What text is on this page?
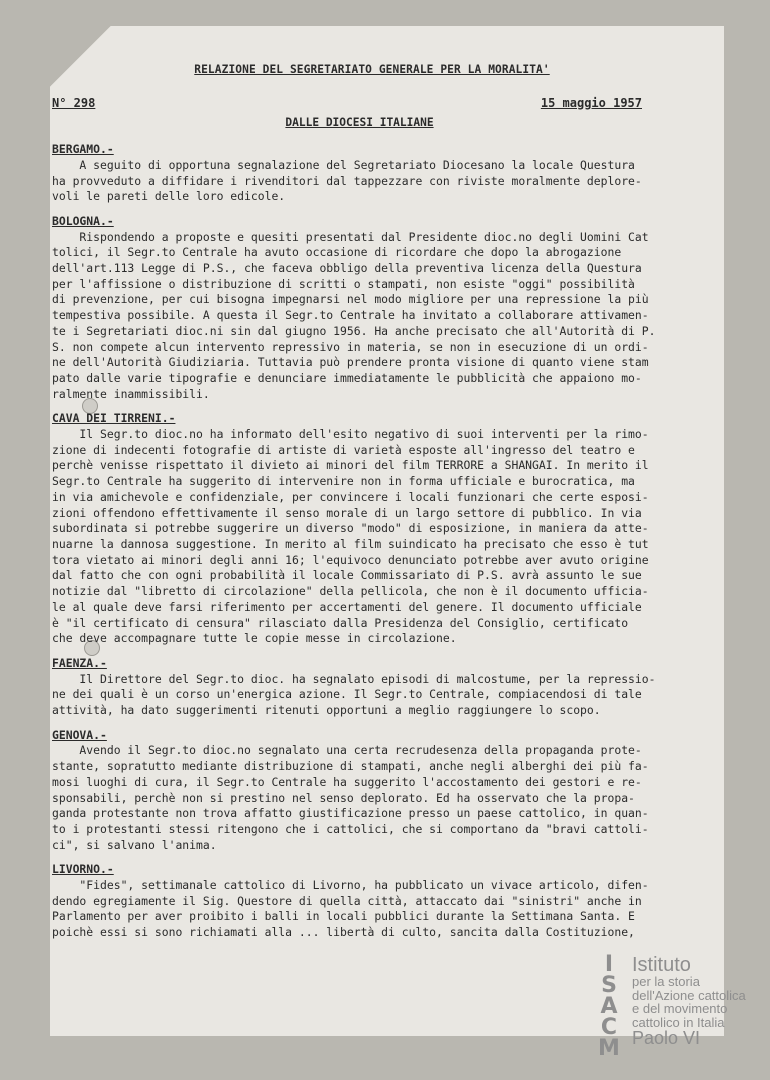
RELAZIONE DEL SEGRETARIATO GENERALE PER LA MORALITA'
N° 298	15 maggio 1957
DALLE DIOCESI ITALIANE
BERGAMO.-
A seguito di opportuna segnalazione del Segretariato Diocesano la locale Questura
ha provveduto a diffidare i rivenditori dal tappezzare con riviste moralmente deplore-
voli le pareti delle loro edicole.
BOLOGNA.-
Rispondendo a proposte e quesiti presentati dal Presidente dioc.no degli Uomini Cat
tolici, il Segr.to Centrale ha avuto occasione di ricordare che dopo la abrogazione
dell'art.113 Legge di P.S., che faceva obbligo della preventiva licenza della Questura
per l'affissione o distribuzione di scritti o stampati, non esiste "oggi" possibilità
di prevenzione, per cui bisogna impegnarsi nel modo migliore per una repressione la più
tempestiva possibile. A questa il Segr.to Centrale ha invitato a collaborare attivamen-
te i Segretariati dioc.ni sin dal giugno 1956. Ha anche precisato che all'Autorità di P.
S. non compete alcun intervento repressivo in materia, se non in esecuzione di un ordi-
ne dell'Autorità Giudiziaria. Tuttavia può prendere pronta visione di quanto viene stam
pato dalle varie tipografie e denunciare immediatamente le pubblicità che appaiono mo-
ralmente inammissibili.
CAVA DEI TIRRENI.-
Il Segr.to dioc.no ha informato dell'esito negativo di suoi interventi per la rimo-
zione di indecenti fotografie di artiste di varietà esposte all'ingresso del teatro e
perchè venisse rispettato il divieto ai minori del film TERRORE a SHANGAI. In merito il
Segr.to Centrale ha suggerito di intervenire non in forma ufficiale e burocratica, ma
in via amichevole e confidenziale, per convincere i locali funzionari che certe esposi-
zioni offendono effettivamente il senso morale di un largo settore di pubblico. In via
subordinata si potrebbe suggerire un diverso "modo" di esposizione, in maniera da atte-
nuarne la dannosa suggestione. In merito al film suindicato ha precisato che esso è tut
tora vietato ai minori degli anni 16; l'equivoco denunciato potrebbe aver avuto origine
dal fatto che con ogni probabilità il locale Commissariato di P.S. avrà assunto le sue
notizie dal "libretto di circolazione" della pellicola, che non è il documento ufficia-
le al quale deve farsi riferimento per accertamenti del genere. Il documento ufficiale
è "il certificato di censura" rilasciato dalla Presidenza del Consiglio, certificato
che deve accompagnare tutte le copie messe in circolazione.
FAENZA.-
Il Direttore del Segr.to dioc. ha segnalato episodi di malcostume, per la repressio-
ne dei quali è un corso un'energica azione. Il Segr.to Centrale, compiacendosi di tale
attività, ha dato suggerimenti ritenuti opportuni a meglio raggiungere lo scopo.
GENOVA.-
Avendo il Segr.to dioc.no segnalato una certa recrudesenza della propaganda prote-
stante, sopratutto mediante distribuzione di stampati, anche negli alberghi dei più fa-
mosi luoghi di cura, il Segr.to Centrale ha suggerito l'accostamento dei gestori e re-
sponsabili, perchè non si prestino nel senso deplorato. Ed ha osservato che la propa-
ganda protestante non trova affatto giustificazione presso un paese cattolico, in quan-
to i protestanti stessi ritengono che i cattolici, che si comportano da "bravi cattoli-
ci", si salvano l'anima.
LIVORNO.-
"Fides", settimanale cattolico di Livorno, ha pubblicato un vivace articolo, difen-
dendo egregiamente il Sig. Questore di quella città, attaccato dai "sinistri" anche in
Parlamento per aver proibito i balli in locali pubblici durante la Settimana Santa. E
poichè essi si sono richiamati alla ... libertà di culto, sancita dalla Costituzione,
I
S
A
C
M
Istituto
per la storia
dell'Azione cattolica
e del movimento
cattolico in Italia
Paolo VI
